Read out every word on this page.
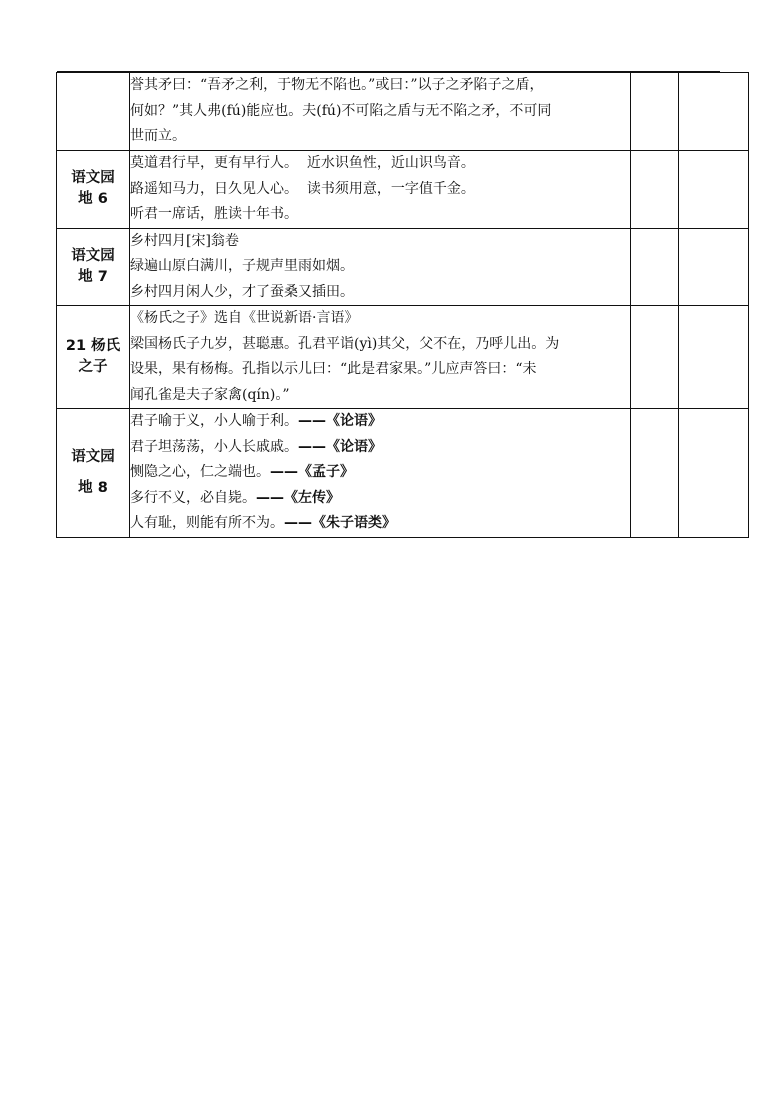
	誉其矛曰：“吾矛之利，于物无不陷也。”或曰：”以子之矛陷子之盾，
何如？”其人弗(fú)能应也。夫(fú)不可陷之盾与无不陷之矛，不可同
世而立。		

语文园
地 6	莫道君行早，更有早行人。  近水识鱼性，近山识鸟音。
路遥知马力，日久见人心。  读书须用意，一字值千金。
听君一席话，胜读十年书。		

语文园
地 7	乡村四月[宋]翁卷
绿遍山原白满川，子规声里雨如烟。
乡村四月闲人少，才了蚕桑又插田。		

21 杨氏
之子	《杨氏之子》选自《世说新语·言语》
梁国杨氏子九岁，甚聪惠。孔君平诣(yì)其父，父不在，乃呼儿出。为
设果，果有杨梅。孔指以示儿曰：“此是君家果。”儿应声答曰：“未
闻孔雀是夫子家禽(qín)。”		

语文园
地 8	君子喻于义，小人喻于利。——《论语》
君子坦荡荡，小人长戚戚。——《论语》
恻隐之心，仁之端也。——《孟子》
多行不义，必自毙。——《左传》
人有耻，则能有所不为。——《朱子语类》		
